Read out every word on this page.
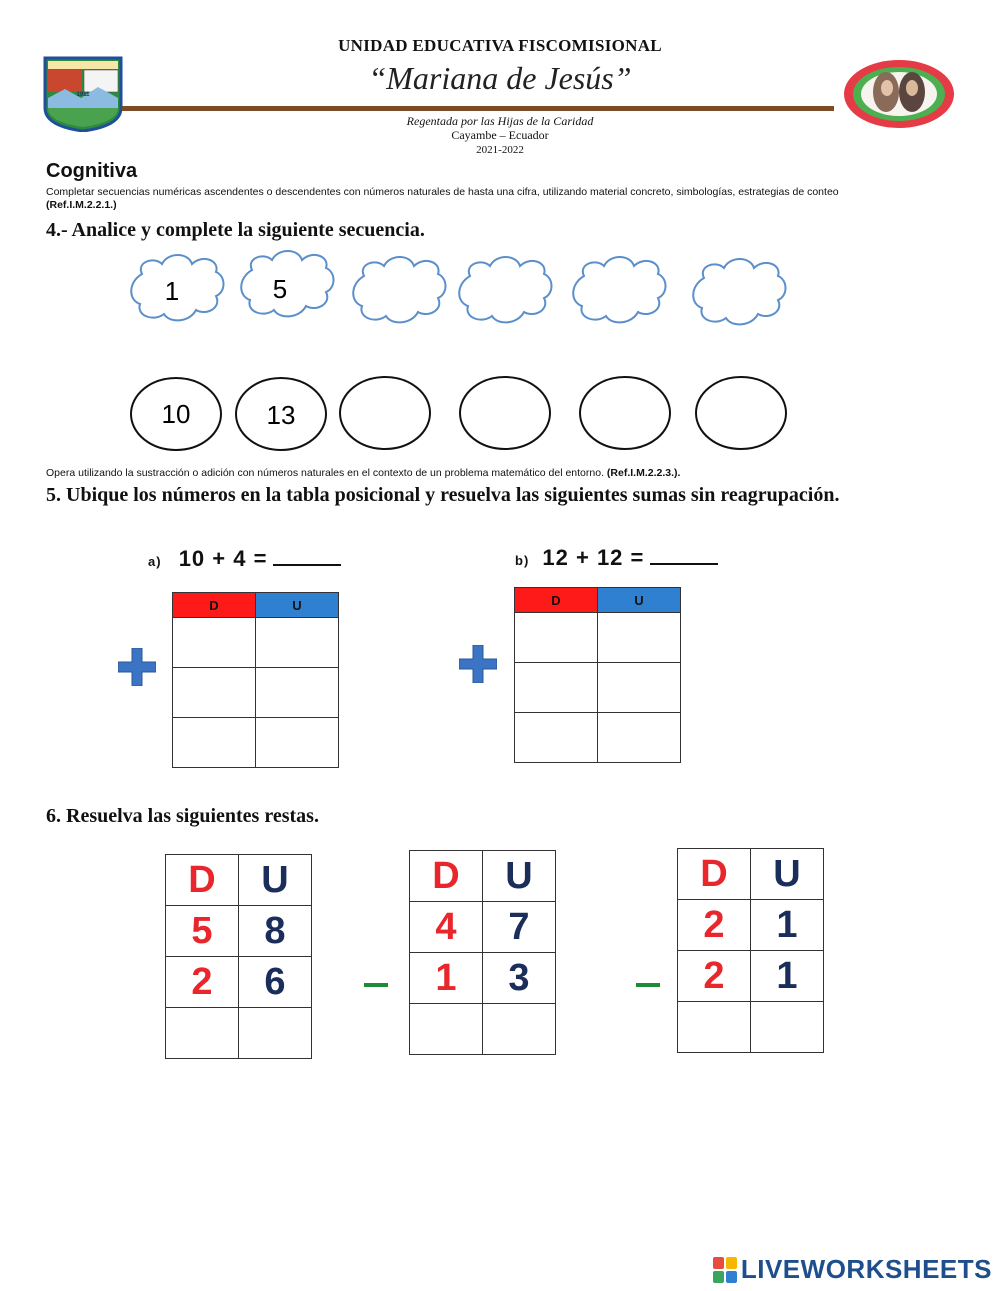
1911
UNIDAD EDUCATIVA FISCOMISIONAL
“Mariana de Jesús”
Regentada por las Hijas de la Caridad
Cayambe – Ecuador
2021-2022
Cognitiva
Completar secuencias numéricas ascendentes o descendentes con números naturales de hasta una cifra, utilizando material concreto, simbologías, estrategias de conteo
(Ref.I.M.2.2.1.)
4.- Analice y complete la siguiente secuencia.
1	5
10	13
Opera utilizando la sustracción o adición con números naturales en el contexto de un problema matemático del entorno. (Ref.I.M.2.2.3.).
5. Ubique los números en la tabla posicional y resuelva las siguientes sumas sin reagrupación.
a) 10 + 4 =	b) 12 + 12 =
D	U

		D	U

6. Resuelva las siguientes restas.
D	U
5	8
2	6

D	U
4	7
1	3

D	U
2	1
2	1

LIVEWORKSHEETS
